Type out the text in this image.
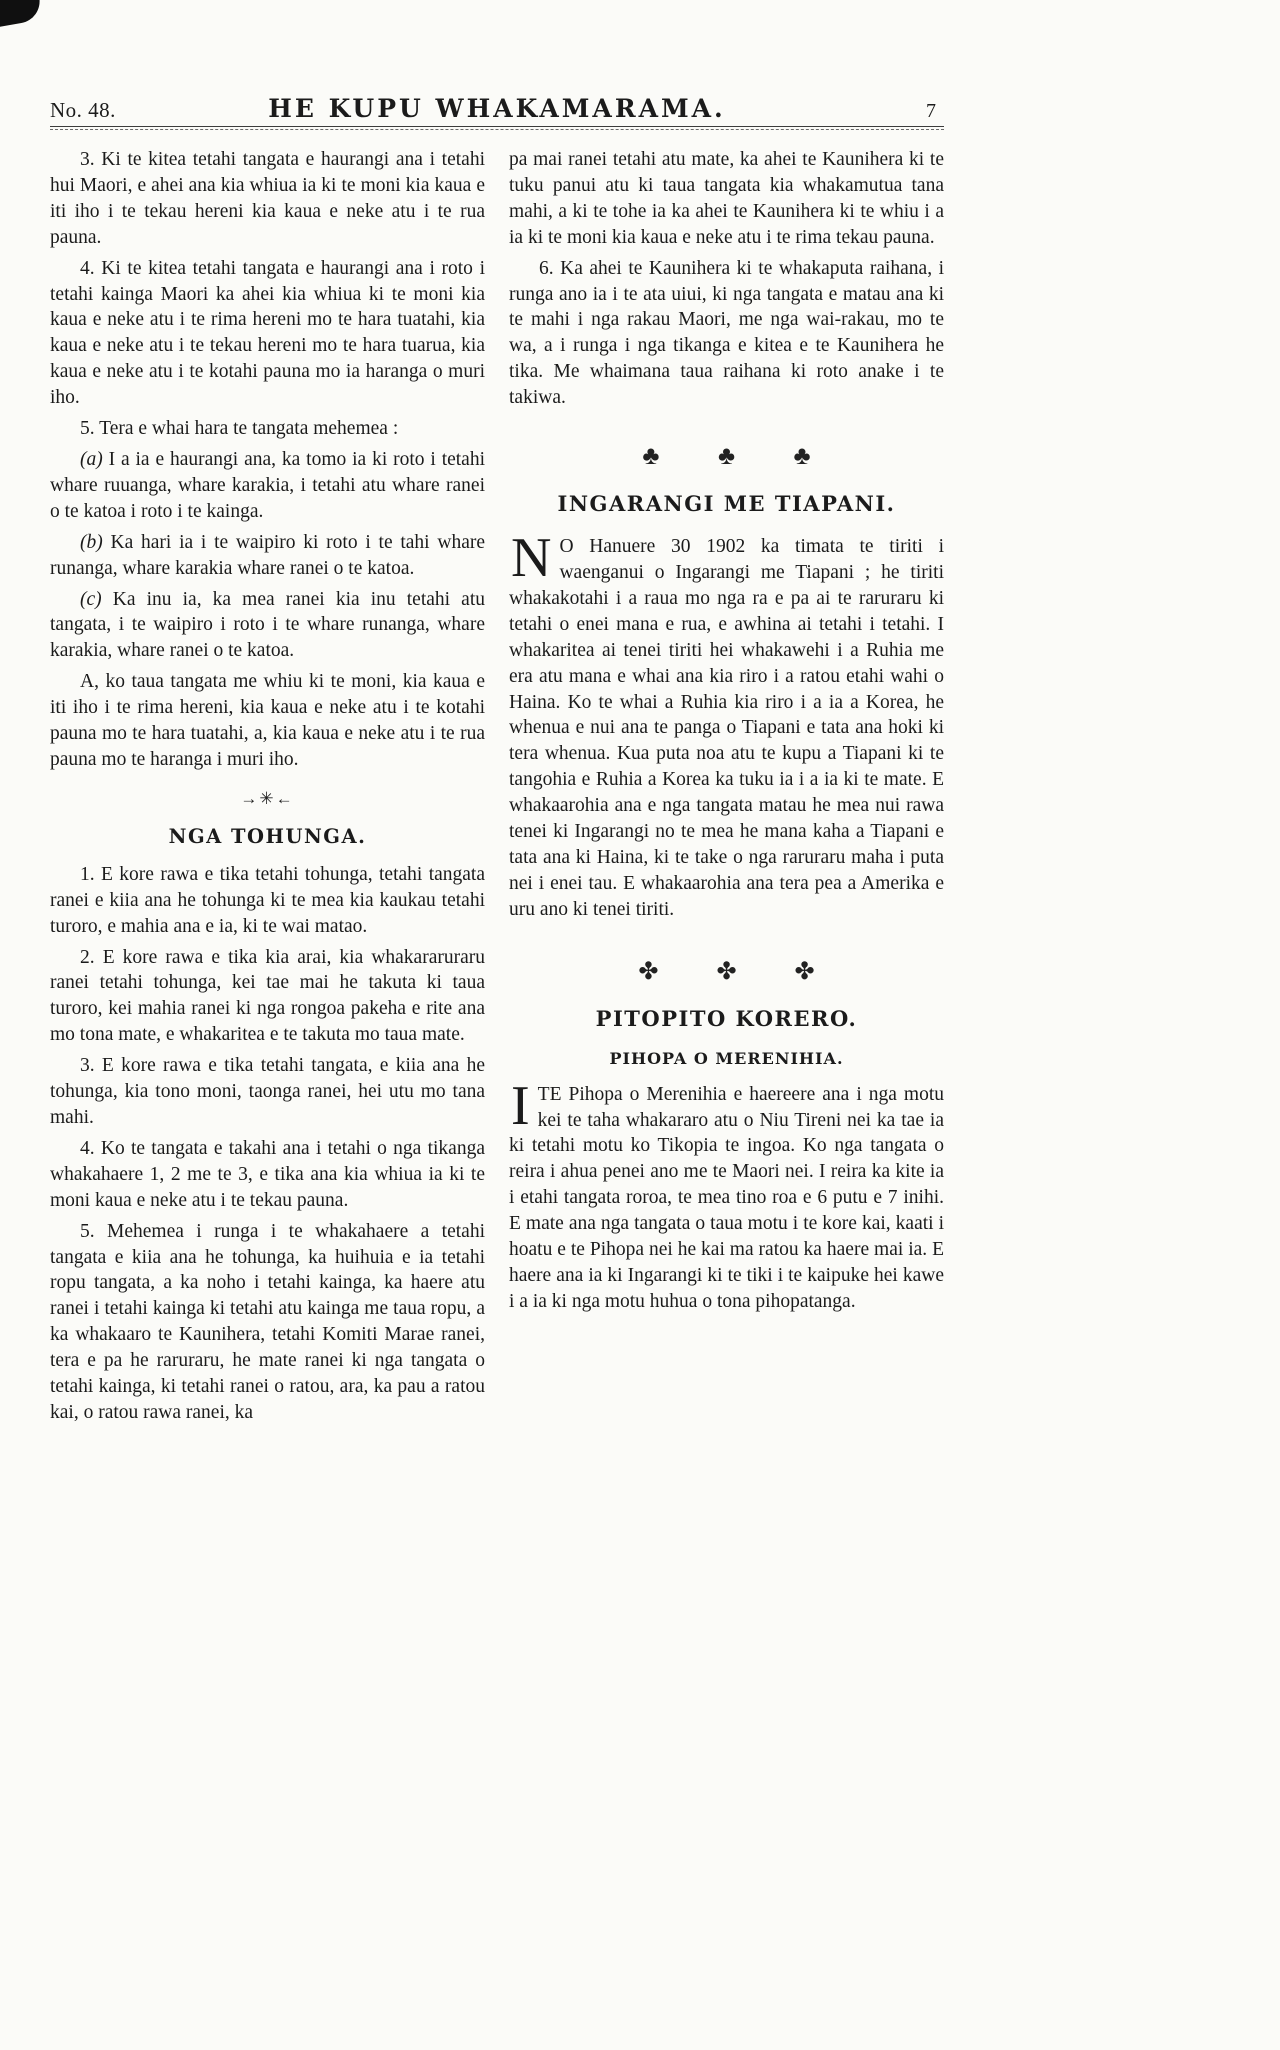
No. 48.	HE KUPU WHAKAMARAMA.	7

3. Ki te kitea tetahi tangata e haurangi ana i tetahi hui Maori, e ahei ana kia whiua ia ki te moni kia kaua e iti iho i te tekau hereni kia kaua e neke atu i te rua pauna.

4. Ki te kitea tetahi tangata e haurangi ana i roto i tetahi kainga Maori ka ahei kia whiua ki te moni kia kaua e neke atu i te rima hereni mo te hara tuatahi, kia kaua e neke atu i te tekau hereni mo te hara tuarua, kia kaua e neke atu i te kotahi pauna mo ia haranga o muri iho.

5. Tera e whai hara te tangata mehemea :

(a) I a ia e haurangi ana, ka tomo ia ki roto i tetahi whare ruuanga, whare karakia, i tetahi atu whare ranei o te katoa i roto i te kainga.

(b) Ka hari ia i te waipiro ki roto i te tahi whare runanga, whare karakia whare ranei o te katoa.

(c) Ka inu ia, ka mea ranei kia inu tetahi atu tangata, i te waipiro i roto i te whare runanga, whare karakia, whare ranei o te katoa.

A, ko taua tangata me whiu ki te moni, kia kaua e iti iho i te rima hereni, kia kaua e neke atu i te kotahi pauna mo te hara tuatahi, a, kia kaua e neke atu i te rua pauna mo te haranga i muri iho.

→✳←
NGA TOHUNGA.

1. E kore rawa e tika tetahi tohunga, tetahi tangata ranei e kiia ana he tohunga ki te mea kia kaukau tetahi turoro, e mahia ana e ia, ki te wai matao.

2. E kore rawa e tika kia arai, kia whakararuraru ranei tetahi tohunga, kei tae mai he takuta ki taua turoro, kei mahia ranei ki nga rongoa pakeha e rite ana mo tona mate, e whakaritea e te takuta mo taua mate.

3. E kore rawa e tika tetahi tangata, e kiia ana he tohunga, kia tono moni, taonga ranei, hei utu mo tana mahi.

4. Ko te tangata e takahi ana i tetahi o nga tikanga whakahaere 1, 2 me te 3, e tika ana kia whiua ia ki te moni kaua e neke atu i te tekau pauna.

5. Mehemea i runga i te whakahaere a tetahi tangata e kiia ana he tohunga, ka huihuia e ia tetahi ropu tangata, a ka noho i tetahi kainga, ka haere atu ranei i tetahi kainga ki tetahi atu kainga me taua ropu, a ka whakaaro te Kaunihera, tetahi Komiti Marae ranei, tera e pa he raruraru, he mate ranei ki nga tangata o tetahi kainga, ki tetahi ranei o ratou, ara, ka pau a ratou kai, o ratou rawa ranei, ka

pa mai ranei tetahi atu mate, ka ahei te Kaunihera ki te tuku panui atu ki taua tangata kia whakamutua tana mahi, a ki te tohe ia ka ahei te Kaunihera ki te whiu i a ia ki te moni kia kaua e neke atu i te rima tekau pauna.

6. Ka ahei te Kaunihera ki te whakaputa raihana, i runga ano ia i te ata uiui, ki nga tangata e matau ana ki te mahi i nga rakau Maori, me nga wai-rakau, mo te wa, a i runga i nga tikanga e kitea e te Kaunihera he tika. Me whaimana taua raihana ki roto anake i te takiwa.

♣ ♣ ♣
INGARANGI ME TIAPANI.

N O Hanuere 30 1902 ka timata te tiriti i waenganui o Ingarangi me Tiapani ; he tiriti whakakotahi i a raua mo nga ra e pa ai te raruraru ki tetahi o enei mana e rua, e awhina ai tetahi i tetahi. I whakaritea ai tenei tiriti hei whakawehi i a Ruhia me era atu mana e whai ana kia riro i a ratou etahi wahi o Haina. Ko te whai a Ruhia kia riro i a ia a Korea, he whenua e nui ana te panga o Tiapani e tata ana hoki ki tera whenua. Kua puta noa atu te kupu a Tiapani ki te tangohia e Ruhia a Korea ka tuku ia i a ia ki te mate. E whakaarohia ana e nga tangata matau he mea nui rawa tenei ki Ingarangi no te mea he mana kaha a Tiapani e tata ana ki Haina, ki te take o nga raruraru maha i puta nei i enei tau. E whakaarohia ana tera pea a Amerika e uru ano ki tenei tiriti.

✤ ✤ ✤
PITOPITO KORERO.
PIHOPA O MERENIHIA.

ITE Pihopa o Merenihia e haereere ana i nga motu kei te taha whakararo atu o Niu Tireni nei ka tae ia ki tetahi motu ko Tikopia te ingoa. Ko nga tangata o reira i ahua penei ano me te Maori nei. I reira ka kite ia i etahi tangata roroa, te mea tino roa e 6 putu e 7 inihi. E mate ana nga tangata o taua motu i te kore kai, kaati i hoatu e te Pihopa nei he kai ma ratou ka haere mai ia. E haere ana ia ki Ingarangi ki te tiki i te kaipuke hei kawe i a ia ki nga motu huhua o tona pihopatanga.
